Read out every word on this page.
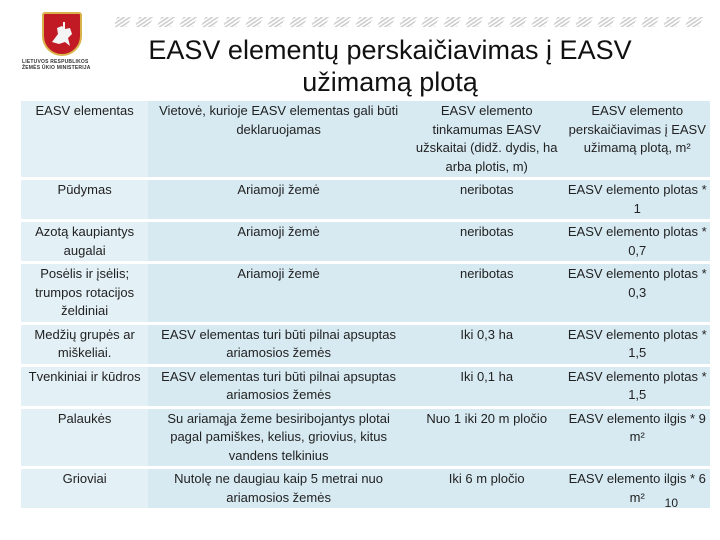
LIETUVOS RESPUBLIKOS
ŽEMĖS ŪKIO MINISTERIJA
EASV elementų perskaičiavimas į EASV užimamą plotą
EASV elementas	Vietovė, kurioje EASV elementas gali būti deklaruojamas	EASV elemento tinkamumas EASV užskaitai (didž. dydis, ha arba plotis, m)	EASV elemento perskaičiavimas į EASV užimamą plotą, m²
Pūdymas	Ariamoji žemė	neribotas	EASV elemento plotas * 1
Azotą kaupiantys augalai	Ariamoji žemė	neribotas	EASV elemento plotas * 0,7
Posėlis ir įsėlis; trumpos rotacijos želdiniai	Ariamoji žemė	neribotas	EASV elemento plotas * 0,3
Medžių grupės ar miškeliai.	EASV elementas turi būti pilnai apsuptas ariamosios žemės	Iki 0,3 ha	EASV elemento plotas * 1,5
Tvenkiniai ir kūdros	EASV elementas turi būti pilnai apsuptas ariamosios žemės	Iki 0,1 ha	EASV elemento plotas * 1,5
Palaukės	Su ariamąja žeme besiribojantys plotai pagal pamiškes, kelius, griovius, kitus vandens telkinius	Nuo 1 iki 20 m pločio	EASV elemento ilgis * 9 m²
Grioviai	Nutolę ne daugiau kaip 5 metrai nuo ariamosios žemės	Iki 6 m pločio	EASV elemento ilgis * 6 m² 10
